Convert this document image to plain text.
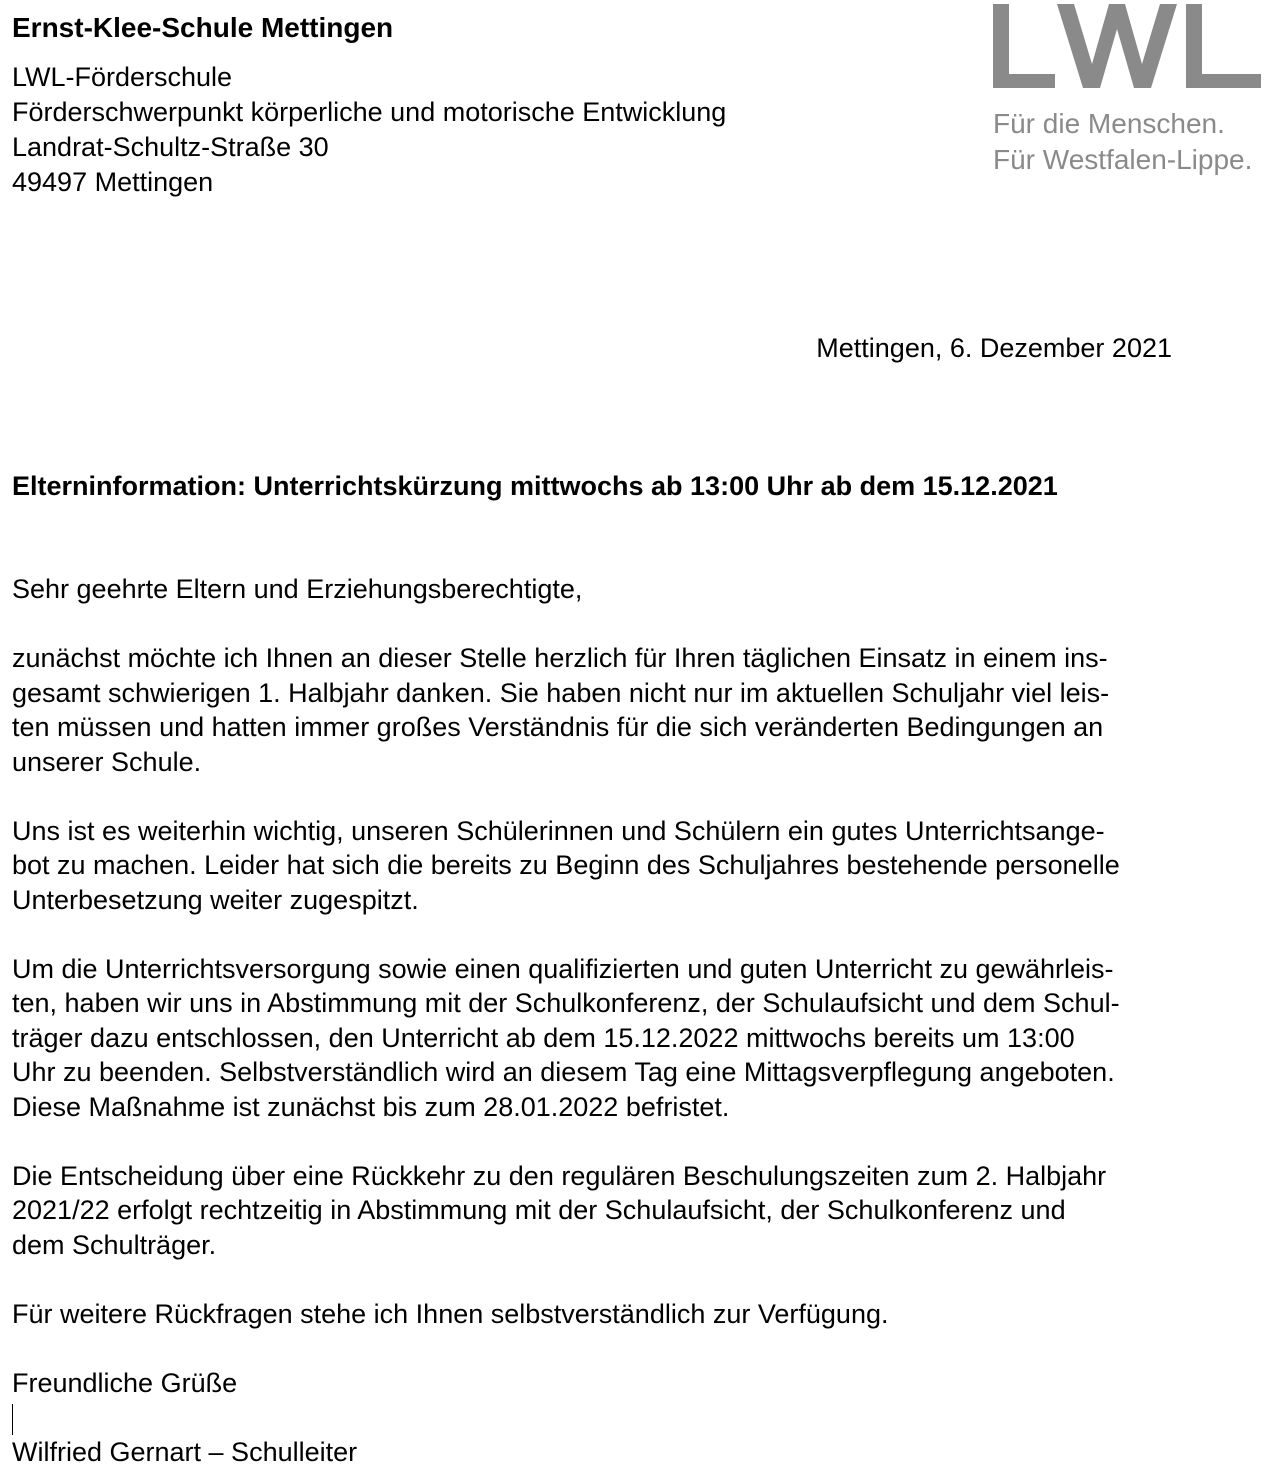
Ernst-Klee-Schule Mettingen
LWL-Förderschule
Förderschwerpunkt körperliche und motorische Entwicklung
Landrat-Schultz-Straße 30
49497 Mettingen
Für die Menschen.
Für Westfalen-Lippe.
Mettingen, 6. Dezember 2021
Elterninformation: Unterrichtskürzung mittwochs ab 13:00 Uhr ab dem 15.12.2021

Sehr geehrte Eltern und Erziehungsberechtigte,

zunächst möchte ich Ihnen an dieser Stelle herzlich für Ihren täglichen Einsatz in einem ins-
gesamt schwierigen 1. Halbjahr danken. Sie haben nicht nur im aktuellen Schuljahr viel leis-
ten müssen und hatten immer großes Verständnis für die sich veränderten Bedingungen an
unserer Schule.

Uns ist es weiterhin wichtig, unseren Schülerinnen und Schülern ein gutes Unterrichtsange-
bot zu machen. Leider hat sich die bereits zu Beginn des Schuljahres bestehende personelle
Unterbesetzung weiter zugespitzt.

Um die Unterrichtsversorgung sowie einen qualifizierten und guten Unterricht zu gewährleis-
ten, haben wir uns in Abstimmung mit der Schulkonferenz, der Schulaufsicht und dem Schul-
träger dazu entschlossen, den Unterricht ab dem 15.12.2022 mittwochs bereits um 13:00
Uhr zu beenden. Selbstverständlich wird an diesem Tag eine Mittagsverpflegung angeboten.
Diese Maßnahme ist zunächst bis zum 28.01.2022 befristet.

Die Entscheidung über eine Rückkehr zu den regulären Beschulungszeiten zum 2. Halbjahr
2021/22 erfolgt rechtzeitig in Abstimmung mit der Schulaufsicht, der Schulkonferenz und
dem Schulträger.

Für weitere Rückfragen stehe ich Ihnen selbstverständlich zur Verfügung.

Freundliche Grüße

Wilfried Gernart – Schulleiter
